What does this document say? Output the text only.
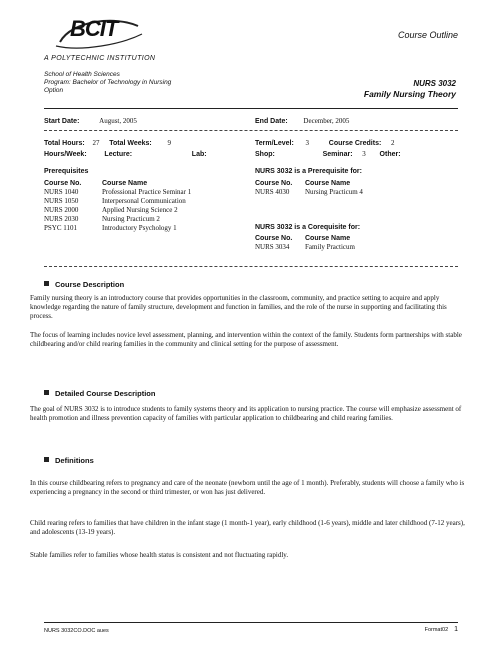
BCIT
A POLYTECHNIC INSTITUTION
Course Outline
School of Health Sciences
Program: Bachelor of Technology in Nursing
Option
NURS 3032
Family Nursing Theory
Start Date:	August, 2005	End Date: December, 2005
Total Hours: 27 Total Weeks: 9	Term/Level: 3	Course Credits: 2
Hours/Week:	Lecture:	Lab:	Shop:	Seminar: 3 Other:
Prerequisites
Course No.	Course Name
NURS 1040	Professional Practice Seminar 1
NURS 1050	Interpersonal Communication
NURS 2000	Applied Nursing Science 2
NURS 2030	Nursing Practicum 2
PSYC 1101	Introductory Psychology 1
NURS 3032 is a Prerequisite for:
Course No.	Course Name
NURS 4030	Nursing Practicum 4
NURS 3032 is a Corequisite for:
Course No.	Course Name
NURS 3034	Family Practicum
Course Description
Family nursing theory is an introductory course that provides opportunities in the classroom, community, and practice setting to acquire and apply knowledge regarding the nature of family structure, development and function in families, and the role of the nurse in supporting and facilitating this process.
The focus of learning includes novice level assessment, planning, and intervention within the context of the family. Students form partnerships with stable childbearing and/or child rearing families in the community and clinical setting for the purpose of assessment.
Detailed Course Description
The goal of NURS 3032 is to introduce students to family systems theory and its application to nursing practice. The course will emphasize assessment of health promotion and illness prevention capacity of families with particular application to childbearing and child rearing families.
Definitions
In this course childbearing refers to pregnancy and care of the neonate (newborn until the age of 1 month). Preferably, students will choose a family who is experiencing a pregnancy in the second or third trimester, or won has just delivered.
Child rearing refers to families that have children in the infant stage (1 month-1 year), early childhood (1-6 years), middle and later childhood (7-12 years), and adolescents (13-19 years).
Stable families refer to families whose health status is consistent and not fluctuating rapidly.
NURS 3032CO.DOC aues	Format02 1
